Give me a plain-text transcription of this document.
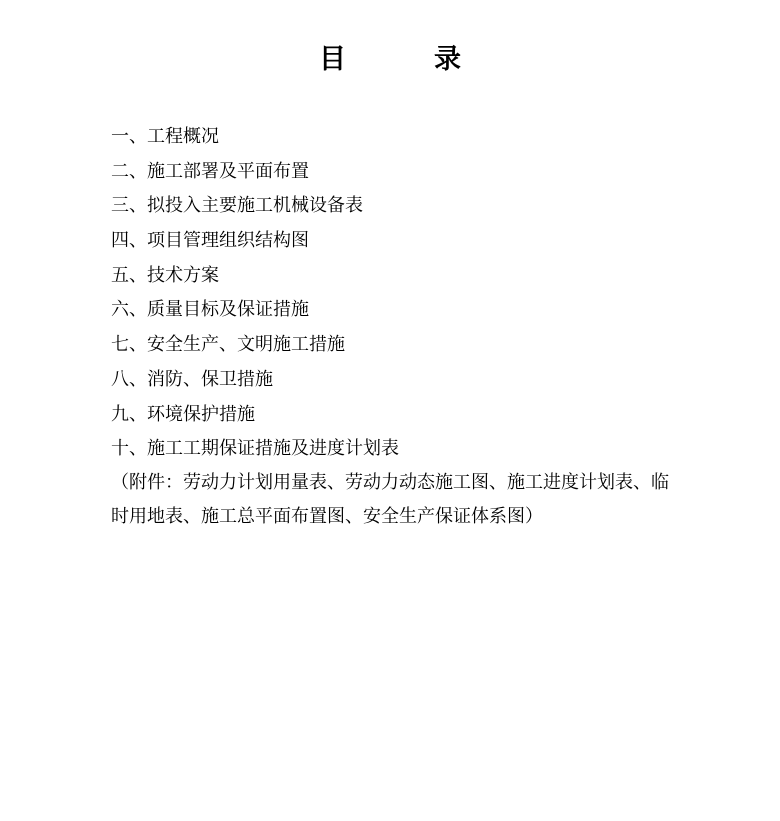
目	录
一、工程概况
二、施工部署及平面布置
三、拟投入主要施工机械设备表
四、项目管理组织结构图
五、技术方案
六、质量目标及保证措施
七、安全生产、文明施工措施
八、消防、保卫措施
九、环境保护措施
十、施工工期保证措施及进度计划表
（附件：劳动力计划用量表、劳动力动态施工图、施工进度计划表、临
时用地表、施工总平面布置图、安全生产保证体系图）
